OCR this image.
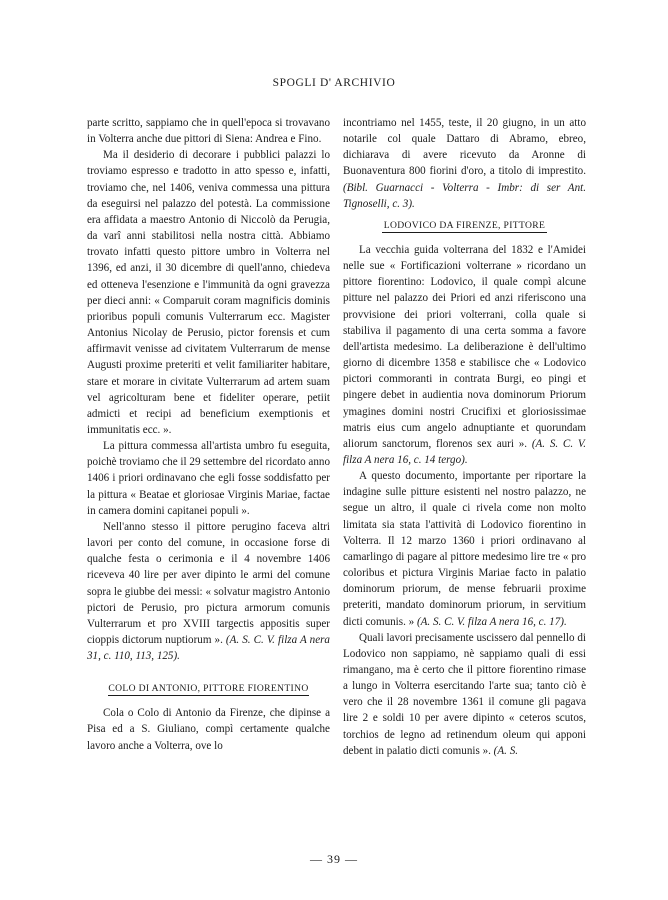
SPOGLI D' ARCHIVIO

parte scritto, sappiamo che in quell'epoca si trovavano in Volterra anche due pittori di Siena: Andrea e Fino.

Ma il desiderio di decorare i pubblici palazzi lo troviamo espresso e tradotto in atto spesso e, infatti, troviamo che, nel 1406, veniva commessa una pittura da eseguirsi nel palazzo del potestà. La commissione era affidata a maestro Antonio di Niccolò da Perugia, da varî anni stabilitosi nella nostra città. Abbiamo trovato infatti questo pittore umbro in Volterra nel 1396, ed anzi, il 30 dicembre di quell'anno, chiedeva ed otteneva l'esenzione e l'immunità da ogni gravezza per dieci anni: « Comparuit coram magnificis dominis prioribus populi comunis Vulterrarum ecc. Magister Antonius Nicolay de Perusio, pictor forensis et cum affirmavit venisse ad civitatem Vulterrarum de mense Augusti proxime preteriti et velit familiariter habitare, stare et morare in civitate Vulterrarum ad artem suam vel agricolturam bene et fideliter operare, petiit admicti et recipi ad beneficium exemptionis et immunitatis ecc. ».

La pittura commessa all'artista umbro fu eseguita, poichè troviamo che il 29 settembre del ricordato anno 1406 i priori ordinavano che egli fosse soddisfatto per la pittura « Beatae et gloriosae Virginis Mariae, factae in camera domini capitanei populi ».

Nell'anno stesso il pittore perugino faceva altri lavori per conto del comune, in occasione forse di qualche festa o cerimonia e il 4 novembre 1406 riceveva 40 lire per aver dipinto le armi del comune sopra le giubbe dei messi: « solvatur magistro Antonio pictori de Perusio, pro pictura armorum comunis Vulterrarum et pro XVIII targectis appositis super cioppis dictorum nuptiorum ». (A. S. C. V. filza A nera 31, c. 110, 113, 125).

COLO DI ANTONIO, PITTORE FIORENTINO

Cola o Colo di Antonio da Firenze, che dipinse a Pisa ed a S. Giuliano, compì certamente qualche lavoro anche a Volterra, ove lo

incontriamo nel 1455, teste, il 20 giugno, in un atto notarile col quale Dattaro di Abramo, ebreo, dichiarava di avere ricevuto da Aronne di Buonaventura 800 fiorini d'oro, a titolo di imprestito. (Bibl. Guarnacci - Volterra - Imbr: di ser Ant. Tignoselli, c. 3).

LODOVICO DA FIRENZE, PITTORE

La vecchia guida volterrana del 1832 e l'Amidei nelle sue « Fortificazioni volterrane » ricordano un pittore fiorentino: Lodovico, il quale compì alcune pitture nel palazzo dei Priori ed anzi riferiscono una provvisione dei priori volterrani, colla quale si stabiliva il pagamento di una certa somma a favore dell'artista medesimo. La deliberazione è dell'ultimo giorno di dicembre 1358 e stabilisce che « Lodovico pictori commoranti in contrata Burgi, eo pingi et pingere debet in audientia nova dominorum Priorum ymagines domini nostri Crucifixi et gloriosissimae matris eius cum angelo adnuptiante et quorundam aliorum sanctorum, florenos sex auri ». (A. S. C. V. filza A nera 16, c. 14 tergo).

A questo documento, importante per riportare la indagine sulle pitture esistenti nel nostro palazzo, ne segue un altro, il quale ci rivela come non molto limitata sia stata l'attività di Lodovico fiorentino in Volterra. Il 12 marzo 1360 i priori ordinavano al camarlingo di pagare al pittore medesimo lire tre « pro coloribus et pictura Virginis Mariae facto in palatio dominorum priorum, de mense februarii proxime preteriti, mandato dominorum priorum, in servitium dicti comunis. » (A. S. C. V. filza A nera 16, c. 17).

Quali lavori precisamente uscissero dal pennello di Lodovico non sappiamo, nè sappiamo quali di essi rimangano, ma è certo che il pittore fiorentino rimase a lungo in Volterra esercitando l'arte sua; tanto ciò è vero che il 28 novembre 1361 il comune gli pagava lire 2 e soldi 10 per avere dipinto « ceteros scutos, torchios de legno ad retinendum oleum qui apponi debent in palatio dicti comunis ». (A. S.

— 39 —
